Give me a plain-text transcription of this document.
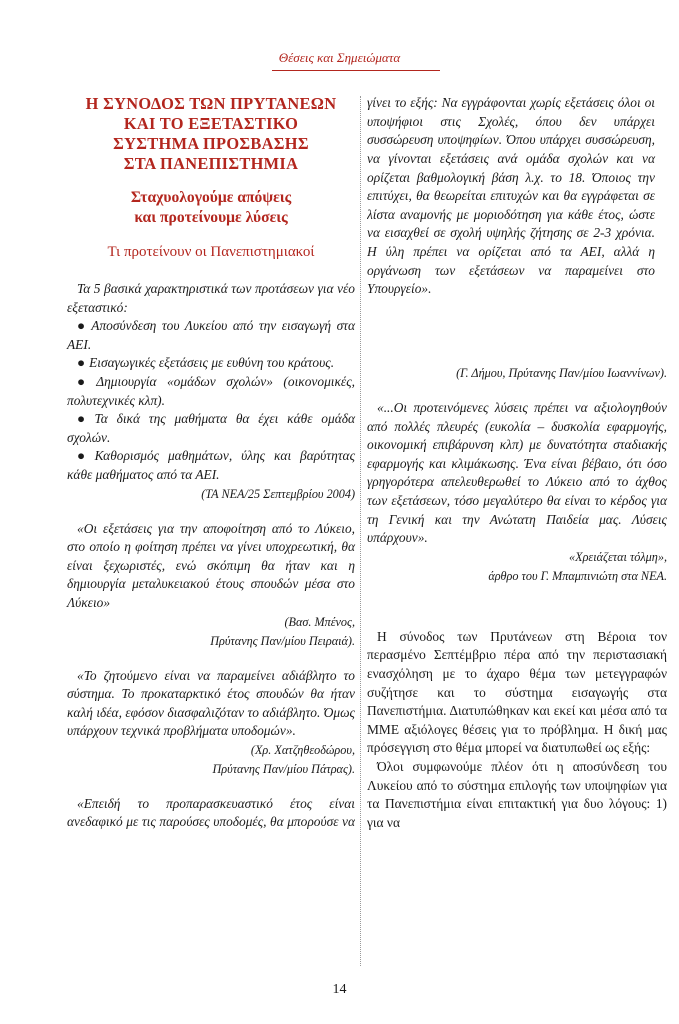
Θέσεις και Σημειώματα
Η ΣΥΝΟΔΟΣ ΤΩΝ ΠΡΥΤΑΝΕΩΝ
ΚΑΙ ΤΟ ΕΞΕΤΑΣΤΙΚΟ
ΣΥΣΤΗΜΑ ΠΡΟΣΒΑΣΗΣ
ΣΤΑ ΠΑΝΕΠΙΣΤΗΜΙΑ
Σταχυολογούμε απόψεις
και προτείνουμε λύσεις
Τι προτείνουν οι Πανεπιστημιακοί
Τα 5 βασικά χαρακτηριστικά των προτάσεων για νέο εξεταστικό:
● Αποσύνδεση του Λυκείου από την εισαγωγή στα ΑΕΙ.
● Εισαγωγικές εξετάσεις με ευθύνη του κράτους.
● Δημιουργία «ομάδων σχολών» (οικονομικές, πολυτεχνικές κλπ).
● Τα δικά της μαθήματα θα έχει κάθε ομάδα σχολών.
● Καθορισμός μαθημάτων, ύλης και βαρύτητας κάθε μαθήματος από τα ΑΕΙ.
(ΤΑ ΝΕΑ/25 Σεπτεμβρίου 2004)
«Οι εξετάσεις για την αποφοίτηση από το Λύκειο, στο οποίο η φοίτηση πρέπει να γίνει υποχρεωτική, θα είναι ξεχωριστές, ενώ σκόπιμη θα ήταν και η δημιουργία μεταλυκειακού έτους σπουδών μέσα στο Λύκειο»
(Βασ. Μπένος,
Πρύτανης Παν/μίου Πειραιά).
«Το ζητούμενο είναι να παραμείνει αδιάβλητο το σύστημα. Το προκαταρκτικό έτος σπουδών θα ήταν καλή ιδέα, εφόσον διασφαλιζόταν το αδιάβλητο. Όμως υπάρχουν τεχνικά προβλήματα υποδομών».
(Χρ. Χατζηθεοδώρου,
Πρύτανης Παν/μίου Πάτρας).
«Επειδή το προπαρασκευαστικό έτος είναι ανεδαφικό με τις παρούσες υποδομές, θα μπορούσε να
γίνει το εξής: Να εγγράφονται χωρίς εξετάσεις όλοι οι υποψήφιοι στις Σχολές, όπου δεν υπάρχει συσσώρευση υποψηφίων. Όπου υπάρχει συσσώρευση, να γίνονται εξετάσεις ανά ομάδα σχολών και να ορίζεται βαθμολογική βάση λ.χ. το 18. Όποιος την επιτύχει, θα θεωρείται επιτυχών και θα εγγράφεται σε λίστα αναμονής με μοριοδότηση για κάθε έτος, ώστε να εισαχθεί σε σχολή υψηλής ζήτησης σε 2-3 χρόνια. Η ύλη πρέπει να ορίζεται από τα ΑΕΙ, αλλά η οργάνωση των εξετάσεων να παραμείνει στο Υπουργείο».
(Γ. Δήμου, Πρύτανης Παν/μίου Ιωαννίνων).
«...Οι προτεινόμενες λύσεις πρέπει να αξιολογηθούν από πολλές πλευρές (ευκολία – δυσκολία εφαρμογής, οικονομική επιβάρυνση κλπ) με δυνατότητα σταδιακής εφαρμογής και κλιμάκωσης. Ένα είναι βέβαιο, ότι όσο γρηγορότερα απελευθερωθεί το Λύκειο από το άχθος των εξετάσεων, τόσο μεγαλύτερο θα είναι το κέρδος για τη Γενική και την Ανώτατη Παιδεία μας. Λύσεις υπάρχουν».
«Χρειάζεται τόλμη»,
άρθρο του Γ. Μπαμπινιώτη στα ΝΕΑ.
Η σύνοδος των Πρυτάνεων στη Βέροια τον περασμένο Σεπτέμβριο πέρα από την περιστασιακή ενασχόληση με το άχαρο θέμα των μετεγγραφών συζήτησε και το σύστημα εισαγωγής στα Πανεπιστήμια. Διατυπώθηκαν και εκεί και μέσα από τα ΜΜΕ αξιόλογες θέσεις για το πρόβλημα. Η δική μας πρόσεγγιση στο θέμα μπορεί να διατυπωθεί ως εξής:
Όλοι συμφωνούμε πλέον ότι η αποσύνδεση του Λυκείου από το σύστημα επιλογής των υποψηφίων για τα Πανεπιστήμια είναι επιτακτική για δυο λόγους: 1) για να
14
